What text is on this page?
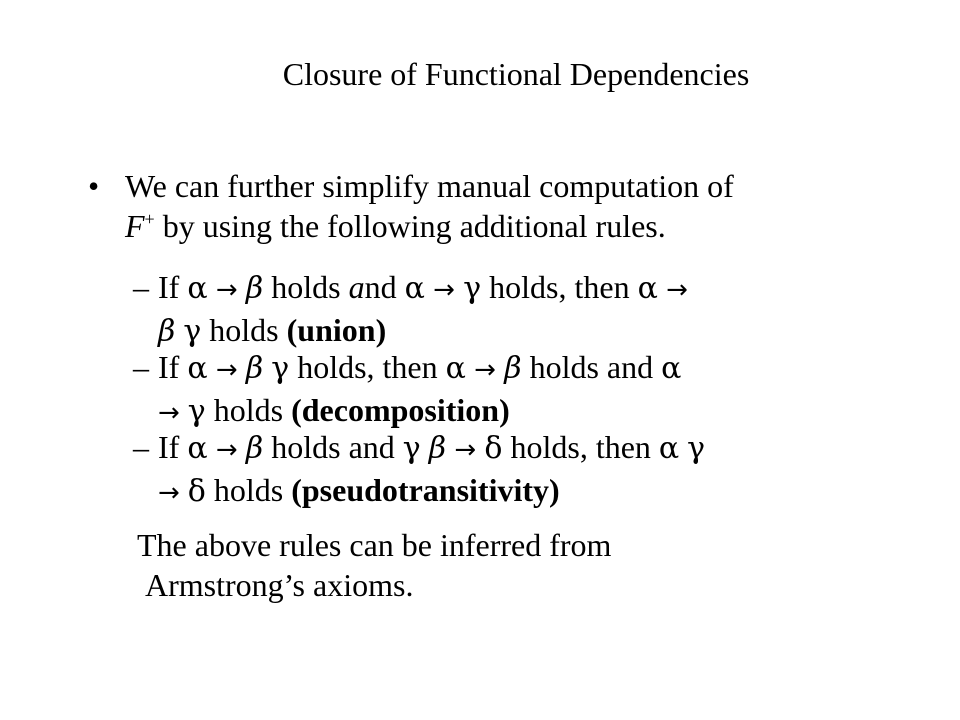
Closure of Functional Dependencies
• We can further simplify manual computation of
F+ by using the following additional rules.
– If α → β holds and α → γ holds, then α →
β γ holds (union)
– If α → β γ holds, then α → β holds and α
→ γ holds (decomposition)
– If α → β holds and γ β → δ holds, then α γ
→ δ holds (pseudotransitivity)
The above rules can be inferred from
Armstrong’s axioms.
